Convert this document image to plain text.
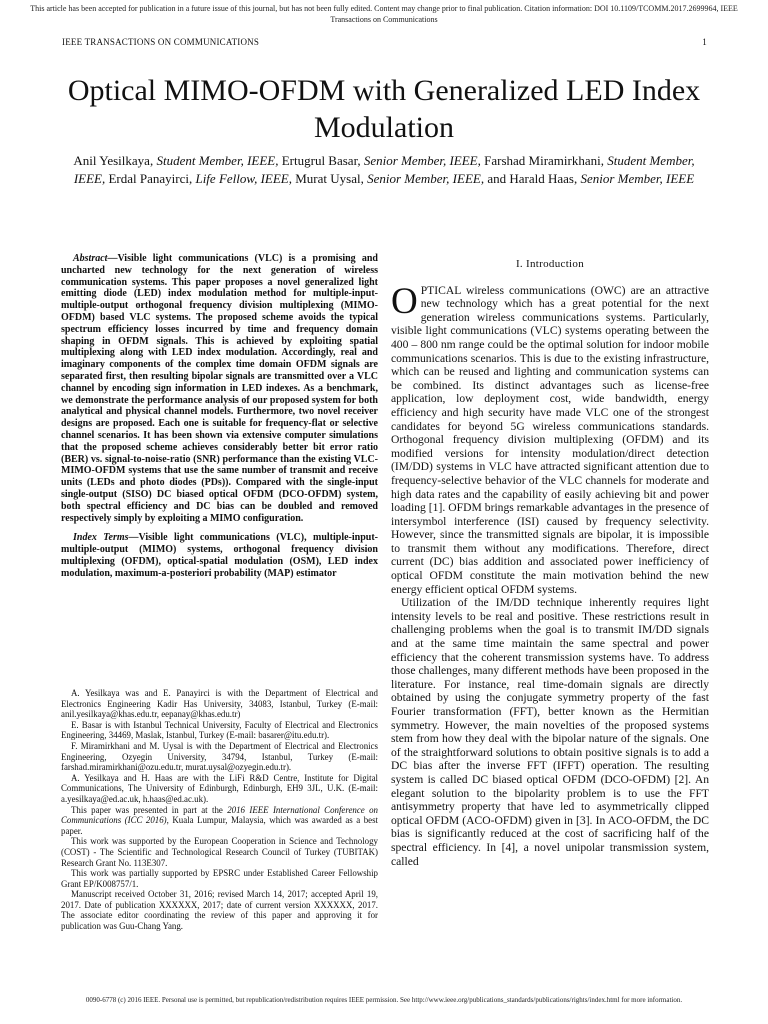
This article has been accepted for publication in a future issue of this journal, but has not been fully edited. Content may change prior to final publication. Citation information: DOI 10.1109/TCOMM.2017.2699964, IEEE
Transactions on Communications
IEEE TRANSACTIONS ON COMMUNICATIONS	1
Optical MIMO-OFDM with Generalized LED Index Modulation

Anil Yesilkaya, Student Member, IEEE, Ertugrul Basar, Senior Member, IEEE, Farshad Miramirkhani, Student Member, IEEE, Erdal Panayirci, Life Fellow, IEEE, Murat Uysal, Senior Member, IEEE, and Harald Haas, Senior Member, IEEE

Abstract—Visible light communications (VLC) is a promising and uncharted new technology for the next generation of wireless communication systems. This paper proposes a novel generalized light emitting diode (LED) index modulation method for multiple-input-multiple-output orthogonal frequency division multiplexing (MIMO-OFDM) based VLC systems. The proposed scheme avoids the typical spectrum efficiency losses incurred by time and frequency domain shaping in OFDM signals. This is achieved by exploiting spatial multiplexing along with LED index modulation. Accordingly, real and imaginary components of the complex time domain OFDM signals are separated first, then resulting bipolar signals are transmitted over a VLC channel by encoding sign information in LED indexes. As a benchmark, we demonstrate the performance analysis of our proposed system for both analytical and physical channel models. Furthermore, two novel receiver designs are proposed. Each one is suitable for frequency-flat or selective channel scenarios. It has been shown via extensive computer simulations that the proposed scheme achieves considerably better bit error ratio (BER) vs. signal-to-noise-ratio (SNR) performance than the existing VLC-MIMO-OFDM systems that use the same number of transmit and receive units (LEDs and photo diodes (PDs)). Compared with the single-input single-output (SISO) DC biased optical OFDM (DCO-OFDM) system, both spectral efficiency and DC bias can be doubled and removed respectively simply by exploiting a MIMO configuration.

Index Terms—Visible light communications (VLC), multiple-input-multiple-output (MIMO) systems, orthogonal frequency division multiplexing (OFDM), optical-spatial modulation (OSM), LED index modulation, maximum-a-posteriori probability (MAP) estimator

A. Yesilkaya was and E. Panayirci is with the Department of Electrical and Electronics Engineering Kadir Has University, 34083, Istanbul, Turkey (E-mail: anil.yesilkaya@khas.edu.tr, eepanay@khas.edu.tr)

E. Basar is with Istanbul Technical University, Faculty of Electrical and Electronics Engineering, 34469, Maslak, Istanbul, Turkey (E-mail: basarer@itu.edu.tr).

F. Miramirkhani and M. Uysal is with the Department of Electrical and Electronics Engineering, Ozyegin University, 34794, Istanbul, Turkey (E-mail: farshad.miramirkhani@ozu.edu.tr, murat.uysal@ozyegin.edu.tr).

A. Yesilkaya and H. Haas are with the LiFi R&D Centre, Institute for Digital Communications, The University of Edinburgh, Edinburgh, EH9 3JL, U.K. (E-mail: a.yesilkaya@ed.ac.uk, h.haas@ed.ac.uk).

This paper was presented in part at the 2016 IEEE International Conference on Communications (ICC 2016), Kuala Lumpur, Malaysia, which was awarded as a best paper.

This work was supported by the European Cooperation in Science and Technology (COST) - The Scientific and Technological Research Council of Turkey (TUBITAK) Research Grant No. 113E307.

This work was partially supported by EPSRC under Established Career Fellowship Grant EP/K008757/1.

Manuscript received October 31, 2016; revised March 14, 2017; accepted April 19, 2017. Date of publication XXXXXX, 2017; date of current version XXXXXX, 2017. The associate editor coordinating the review of this paper and approving it for publication was Guu-Chang Yang.

I. Introduction

OPTICAL wireless communications (OWC) are an attractive new technology which has a great potential for the next generation wireless communications systems. Particularly, visible light communications (VLC) systems operating between the 400 – 800 nm range could be the optimal solution for indoor mobile communications scenarios. This is due to the existing infrastructure, which can be reused and lighting and communication systems can be combined. Its distinct advantages such as license-free application, low deployment cost, wide bandwidth, energy efficiency and high security have made VLC one of the strongest candidates for beyond 5G wireless communications standards. Orthogonal frequency division multiplexing (OFDM) and its modified versions for intensity modulation/direct detection (IM/DD) systems in VLC have attracted significant attention due to frequency-selective behavior of the VLC channels for moderate and high data rates and the capability of easily achieving bit and power loading [1]. OFDM brings remarkable advantages in the presence of intersymbol interference (ISI) caused by frequency selectivity. However, since the transmitted signals are bipolar, it is impossible to transmit them without any modifications. Therefore, direct current (DC) bias addition and associated power inefficiency of optical OFDM constitute the main motivation behind the new energy efficient optical OFDM systems.

Utilization of the IM/DD technique inherently requires light intensity levels to be real and positive. These restrictions result in challenging problems when the goal is to transmit IM/DD signals and at the same time maintain the same spectral and power efficiency that the coherent transmission systems have. To address those challenges, many different methods have been proposed in the literature. For instance, real time-domain signals are directly obtained by using the conjugate symmetry property of the fast Fourier transformation (FFT), better known as the Hermitian symmetry. However, the main novelties of the proposed systems stem from how they deal with the bipolar nature of the signals. One of the straightforward solutions to obtain positive signals is to add a DC bias after the inverse FFT (IFFT) operation. The resulting system is called DC biased optical OFDM (DCO-OFDM) [2]. An elegant solution to the bipolarity problem is to use the FFT antisymmetry property that have led to asymmetrically clipped optical OFDM (ACO-OFDM) given in [3]. In ACO-OFDM, the DC bias is significantly reduced at the cost of sacrificing half of the spectral efficiency. In [4], a novel unipolar transmission system, called

0090-6778 (c) 2016 IEEE. Personal use is permitted, but republication/redistribution requires IEEE permission. See http://www.ieee.org/publications_standards/publications/rights/index.html for more information.
